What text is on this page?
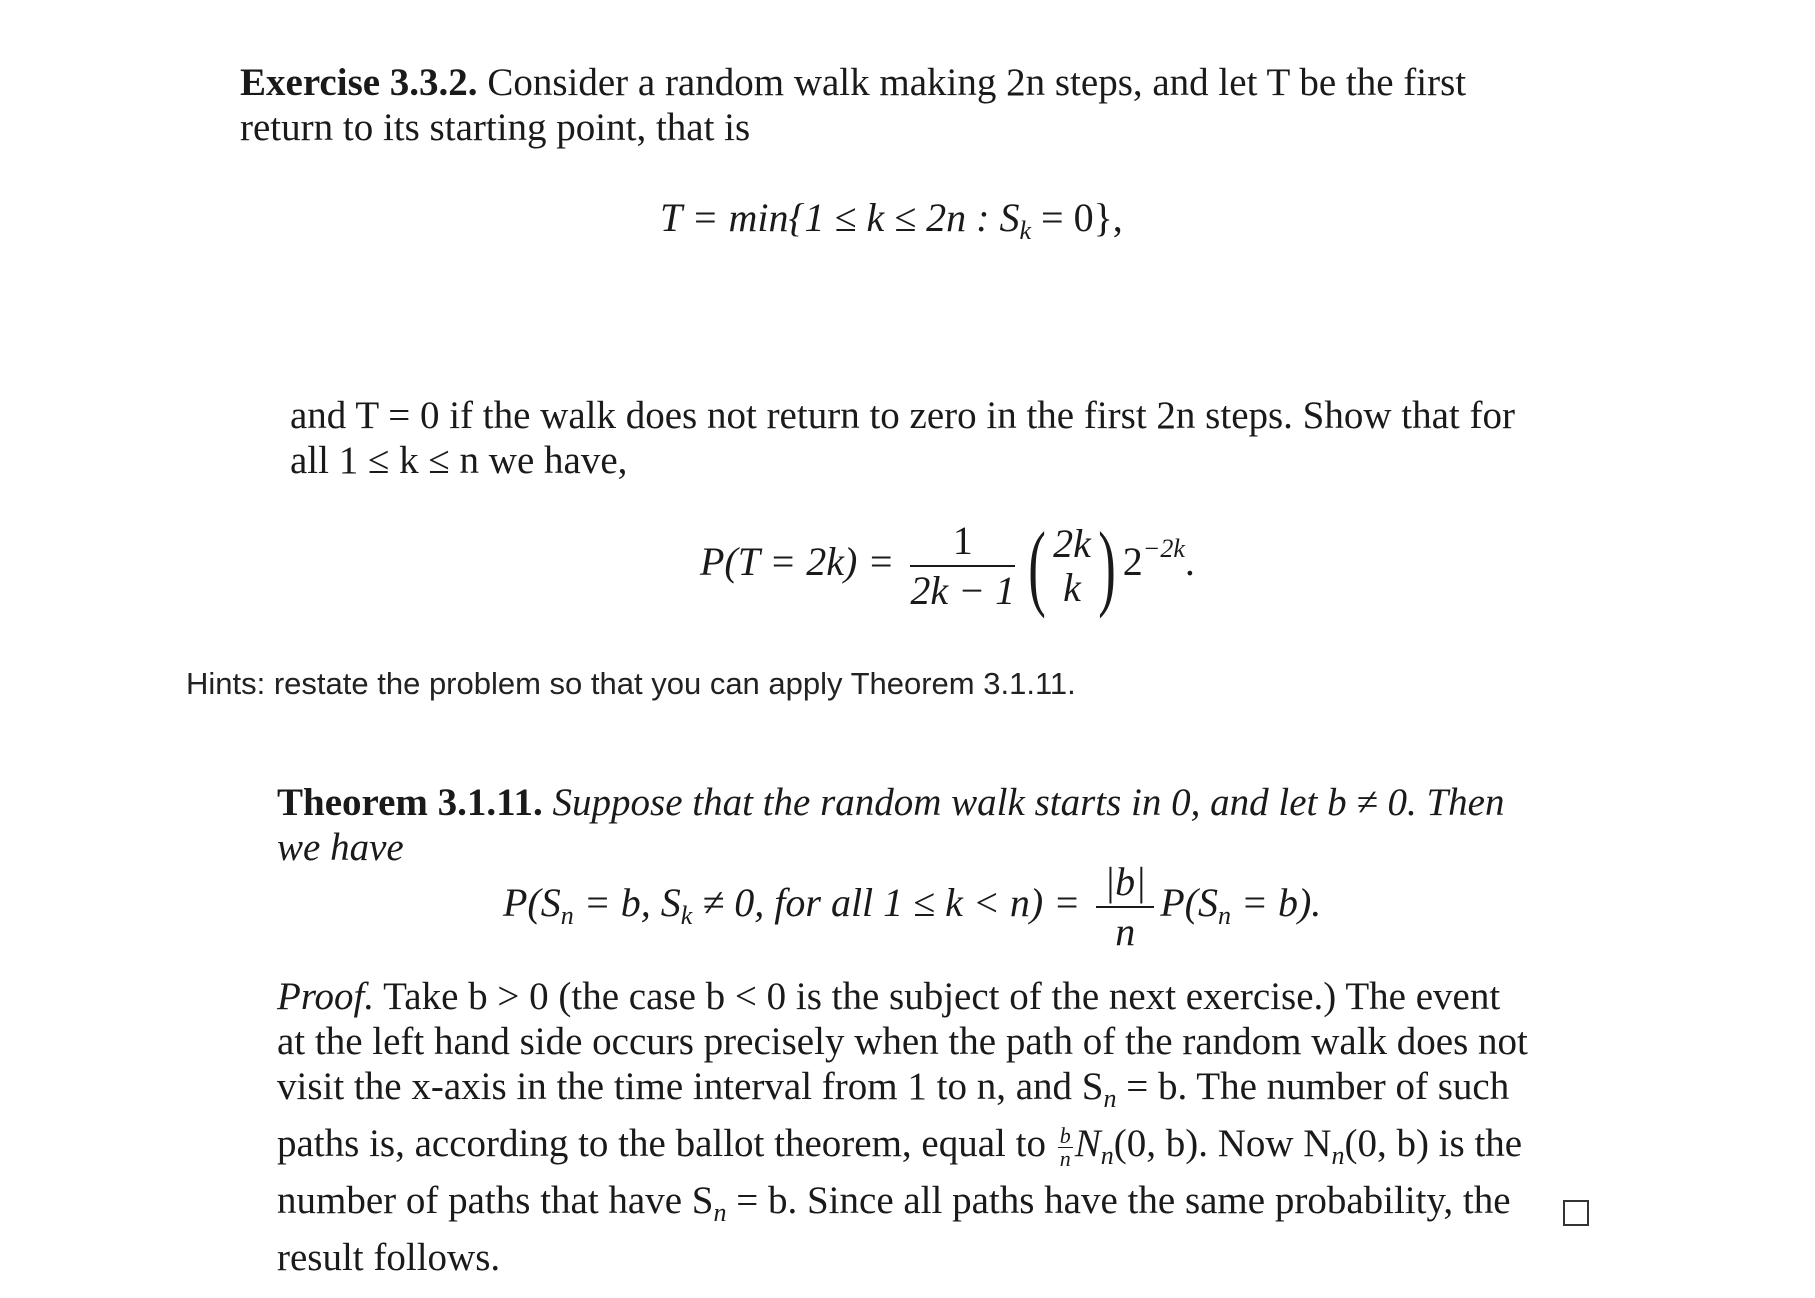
Exercise 3.3.2. Consider a random walk making 2n steps, and let T be the first
return to its starting point, that is
T = min{1 ≤ k ≤ 2n : $S_k = 0$},
and T = 0 if the walk does not return to zero in the first 2n steps. Show that for
all 1 ≤ k ≤ n we have,
$P(T = 2k) = \frac{1}{2k - 1}$ ( 2k
k ) $2^{-2k}$.
Hints: restate the problem so that you can apply Theorem 3.1.11.
Theorem 3.1.11. Suppose that the random walk starts in 0, and let b ≠ 0. Then
we have
$P(S_n = b$, $S_k \ne 0$, for all $1 \le k < n) = \frac{|b|}{n} P(S_n = b)$.
Proof. Take b > 0 (the case b < 0 is the subject of the next exercise.) The event
at the left hand side occurs precisely when the path of the random walk does not
visit the x-axis in the time interval from 1 to n, and $S_n = b$. The number of such
paths is, according to the ballot theorem, equal to $\frac{b}{n} N_n(0$, b). Now $N_n(0$, b) is the
number of paths that have $S_n = b$. Since all paths have the same probability, the
result follows.
